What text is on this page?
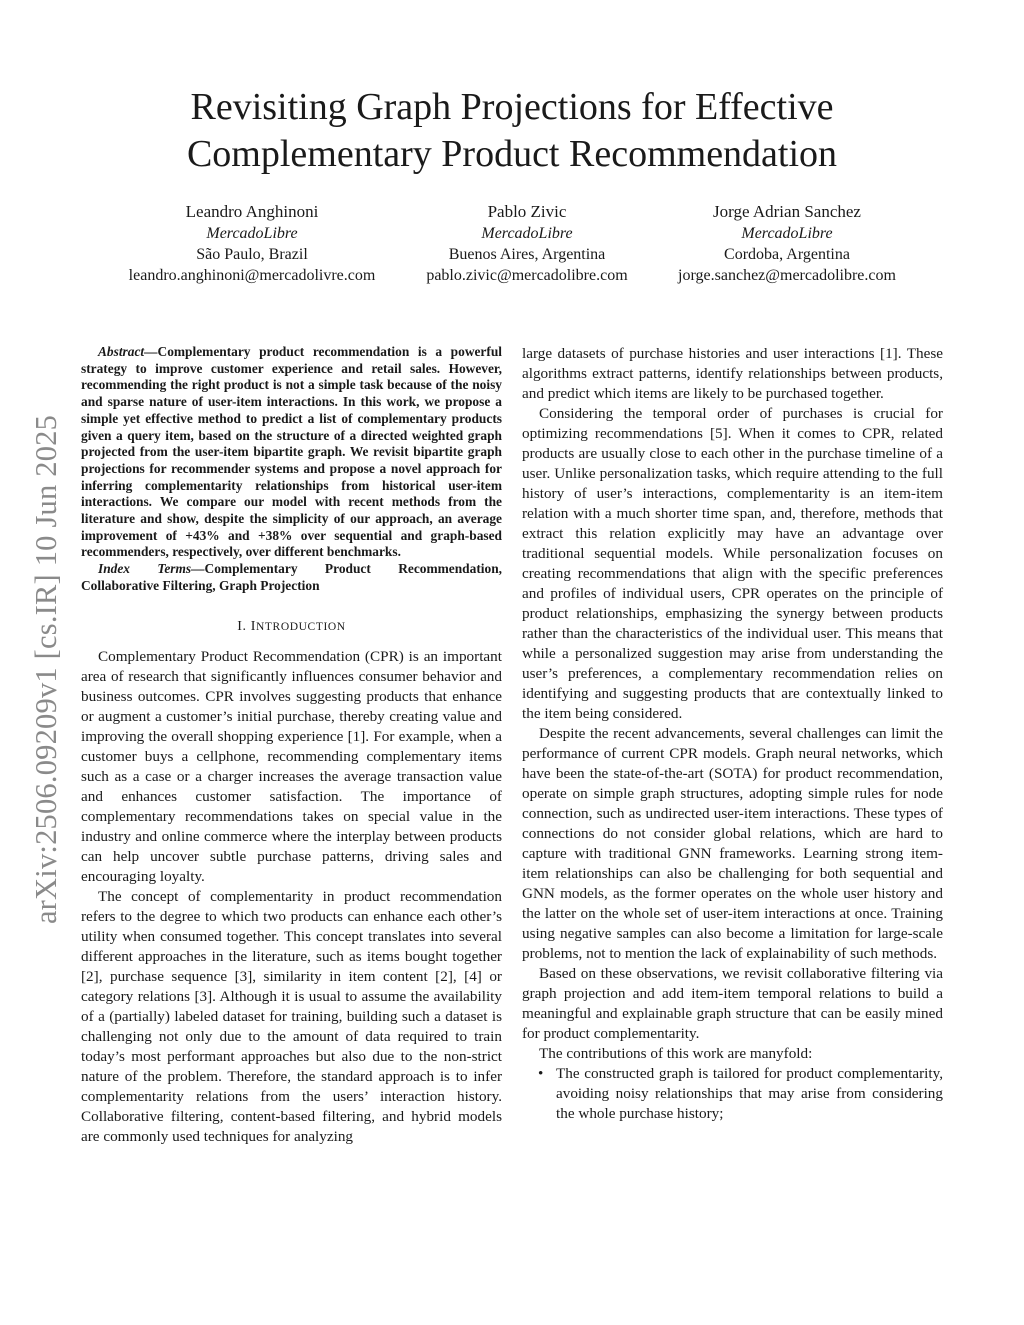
arXiv:2506.09209v1 [cs.IR] 10 Jun 2025
Revisiting Graph Projections for Effective Complementary Product Recommendation
Leandro Anghinoni
MercadoLibre
São Paulo, Brazil
leandro.anghinoni@mercadolivre.com
Pablo Zivic
MercadoLibre
Buenos Aires, Argentina
pablo.zivic@mercadolibre.com
Jorge Adrian Sanchez
MercadoLibre
Cordoba, Argentina
jorge.sanchez@mercadolibre.com

Abstract—Complementary product recommendation is a powerful strategy to improve customer experience and retail sales. However, recommending the right product is not a simple task because of the noisy and sparse nature of user-item interactions. In this work, we propose a simple yet effective method to predict a list of complementary products given a query item, based on the structure of a directed weighted graph projected from the user-item bipartite graph. We revisit bipartite graph projections for recommender systems and propose a novel approach for inferring complementarity relationships from historical user-item interactions. We compare our model with recent methods from the literature and show, despite the simplicity of our approach, an average improvement of +43% and +38% over sequential and graph-based recommenders, respectively, over different benchmarks.

Index Terms—Complementary Product Recommendation, Collaborative Filtering, Graph Projection

I. INTRODUCTION

Complementary Product Recommendation (CPR) is an important area of research that significantly influences consumer behavior and business outcomes. CPR involves suggesting products that enhance or augment a customer’s initial purchase, thereby creating value and improving the overall shopping experience [1]. For example, when a customer buys a cellphone, recommending complementary items such as a case or a charger increases the average transaction value and enhances customer satisfaction. The importance of complementary recommendations takes on special value in the industry and online commerce where the interplay between products can help uncover subtle purchase patterns, driving sales and encouraging loyalty.

The concept of complementarity in product recommendation refers to the degree to which two products can enhance each other’s utility when consumed together. This concept translates into several different approaches in the literature, such as items bought together [2], purchase sequence [3], similarity in item content [2], [4] or category relations [3]. Although it is usual to assume the availability of a (partially) labeled dataset for training, building such a dataset is challenging not only due to the amount of data required to train today’s most performant approaches but also due to the non-strict nature of the problem. Therefore, the standard approach is to infer complementarity relations from the users’ interaction history. Collaborative filtering, content-based filtering, and hybrid models are commonly used techniques for analyzing

large datasets of purchase histories and user interactions [1]. These algorithms extract patterns, identify relationships between products, and predict which items are likely to be purchased together.

Considering the temporal order of purchases is crucial for optimizing recommendations [5]. When it comes to CPR, related products are usually close to each other in the purchase timeline of a user. Unlike personalization tasks, which require attending to the full history of user’s interactions, complementarity is an item-item relation with a much shorter time span, and, therefore, methods that extract this relation explicitly may have an advantage over traditional sequential models. While personalization focuses on creating recommendations that align with the specific preferences and profiles of individual users, CPR operates on the principle of product relationships, emphasizing the synergy between products rather than the characteristics of the individual user. This means that while a personalized suggestion may arise from understanding the user’s preferences, a complementary recommendation relies on identifying and suggesting products that are contextually linked to the item being considered.

Despite the recent advancements, several challenges can limit the performance of current CPR models. Graph neural networks, which have been the state-of-the-art (SOTA) for product recommendation, operate on simple graph structures, adopting simple rules for node connection, such as undirected user-item interactions. These types of connections do not consider global relations, which are hard to capture with traditional GNN frameworks. Learning strong item-item relationships can also be challenging for both sequential and GNN models, as the former operates on the whole user history and the latter on the whole set of user-item interactions at once. Training using negative samples can also become a limitation for large-scale problems, not to mention the lack of explainability of such methods.

Based on these observations, we revisit collaborative filtering via graph projection and add item-item temporal relations to build a meaningful and explainable graph structure that can be easily mined for product complementarity.

The contributions of this work are manyfold:

• The constructed graph is tailored for product complementarity, avoiding noisy relationships that may arise from considering the whole purchase history;
